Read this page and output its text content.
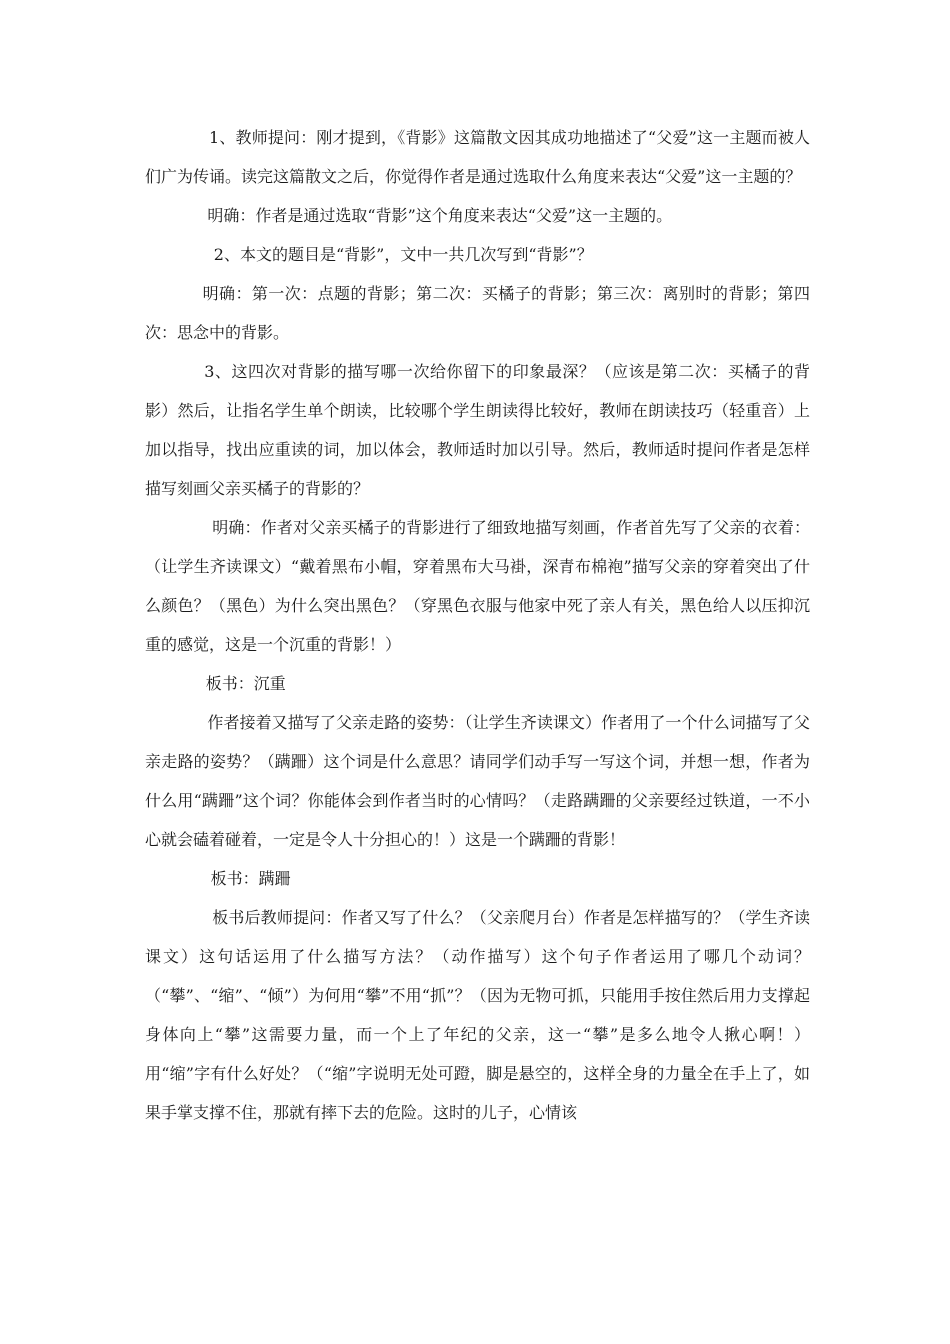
1、教师提问：刚才提到，《背影》这篇散文因其成功地描述了“父爱”这一主题而被人们广为传诵。读完这篇散文之后，你觉得作者是通过选取什么角度来表达“父爱”这一主题的？

明确：作者是通过选取“背影”这个角度来表达“父爱”这一主题的。

2、本文的题目是“背影”，文中一共几次写到“背影”？

明确：第一次：点题的背影；第二次：买橘子的背影；第三次：离别时的背影；第四次：思念中的背影。

3、这四次对背影的描写哪一次给你留下的印象最深？（应该是第二次：买橘子的背影）然后，让指名学生单个朗读，比较哪个学生朗读得比较好，教师在朗读技巧（轻重音）上加以指导，找出应重读的词，加以体会，教师适时加以引导。然后，教师适时提问作者是怎样描写刻画父亲买橘子的背影的？

明确：作者对父亲买橘子的背影进行了细致地描写刻画，作者首先写了父亲的衣着：（让学生齐读课文）“戴着黑布小帽，穿着黑布大马褂，深青布棉袍”描写父亲的穿着突出了什么颜色？（黑色）为什么突出黑色？（穿黑色衣服与他家中死了亲人有关，黑色给人以压抑沉重的感觉，这是一个沉重的背影！）

板书：沉重

作者接着又描写了父亲走路的姿势：（让学生齐读课文）作者用了一个什么词描写了父亲走路的姿势？（蹒跚）这个词是什么意思？请同学们动手写一写这个词，并想一想，作者为什么用“蹒跚”这个词？你能体会到作者当时的心情吗？（走路蹒跚的父亲要经过铁道，一不小心就会磕着碰着，一定是令人十分担心的！）这是一个蹒跚的背影！

板书：蹒跚

板书后教师提问：作者又写了什么？（父亲爬月台）作者是怎样描写的？（学生齐读课文）这句话运用了什么描写方法？（动作描写）这个句子作者运用了哪几个动词？（“攀”、“缩”、“倾”）为何用“攀”不用“抓”？（因为无物可抓，只能用手按住然后用力支撑起身体向上“攀”这需要力量，而一个上了年纪的父亲，这一“攀”是多么地令人揪心啊！）用“缩”字有什么好处？（“缩”字说明无处可蹬，脚是悬空的，这样全身的力量全在手上了，如果手掌支撑不住，那就有摔下去的危险。这时的儿子，心情该
